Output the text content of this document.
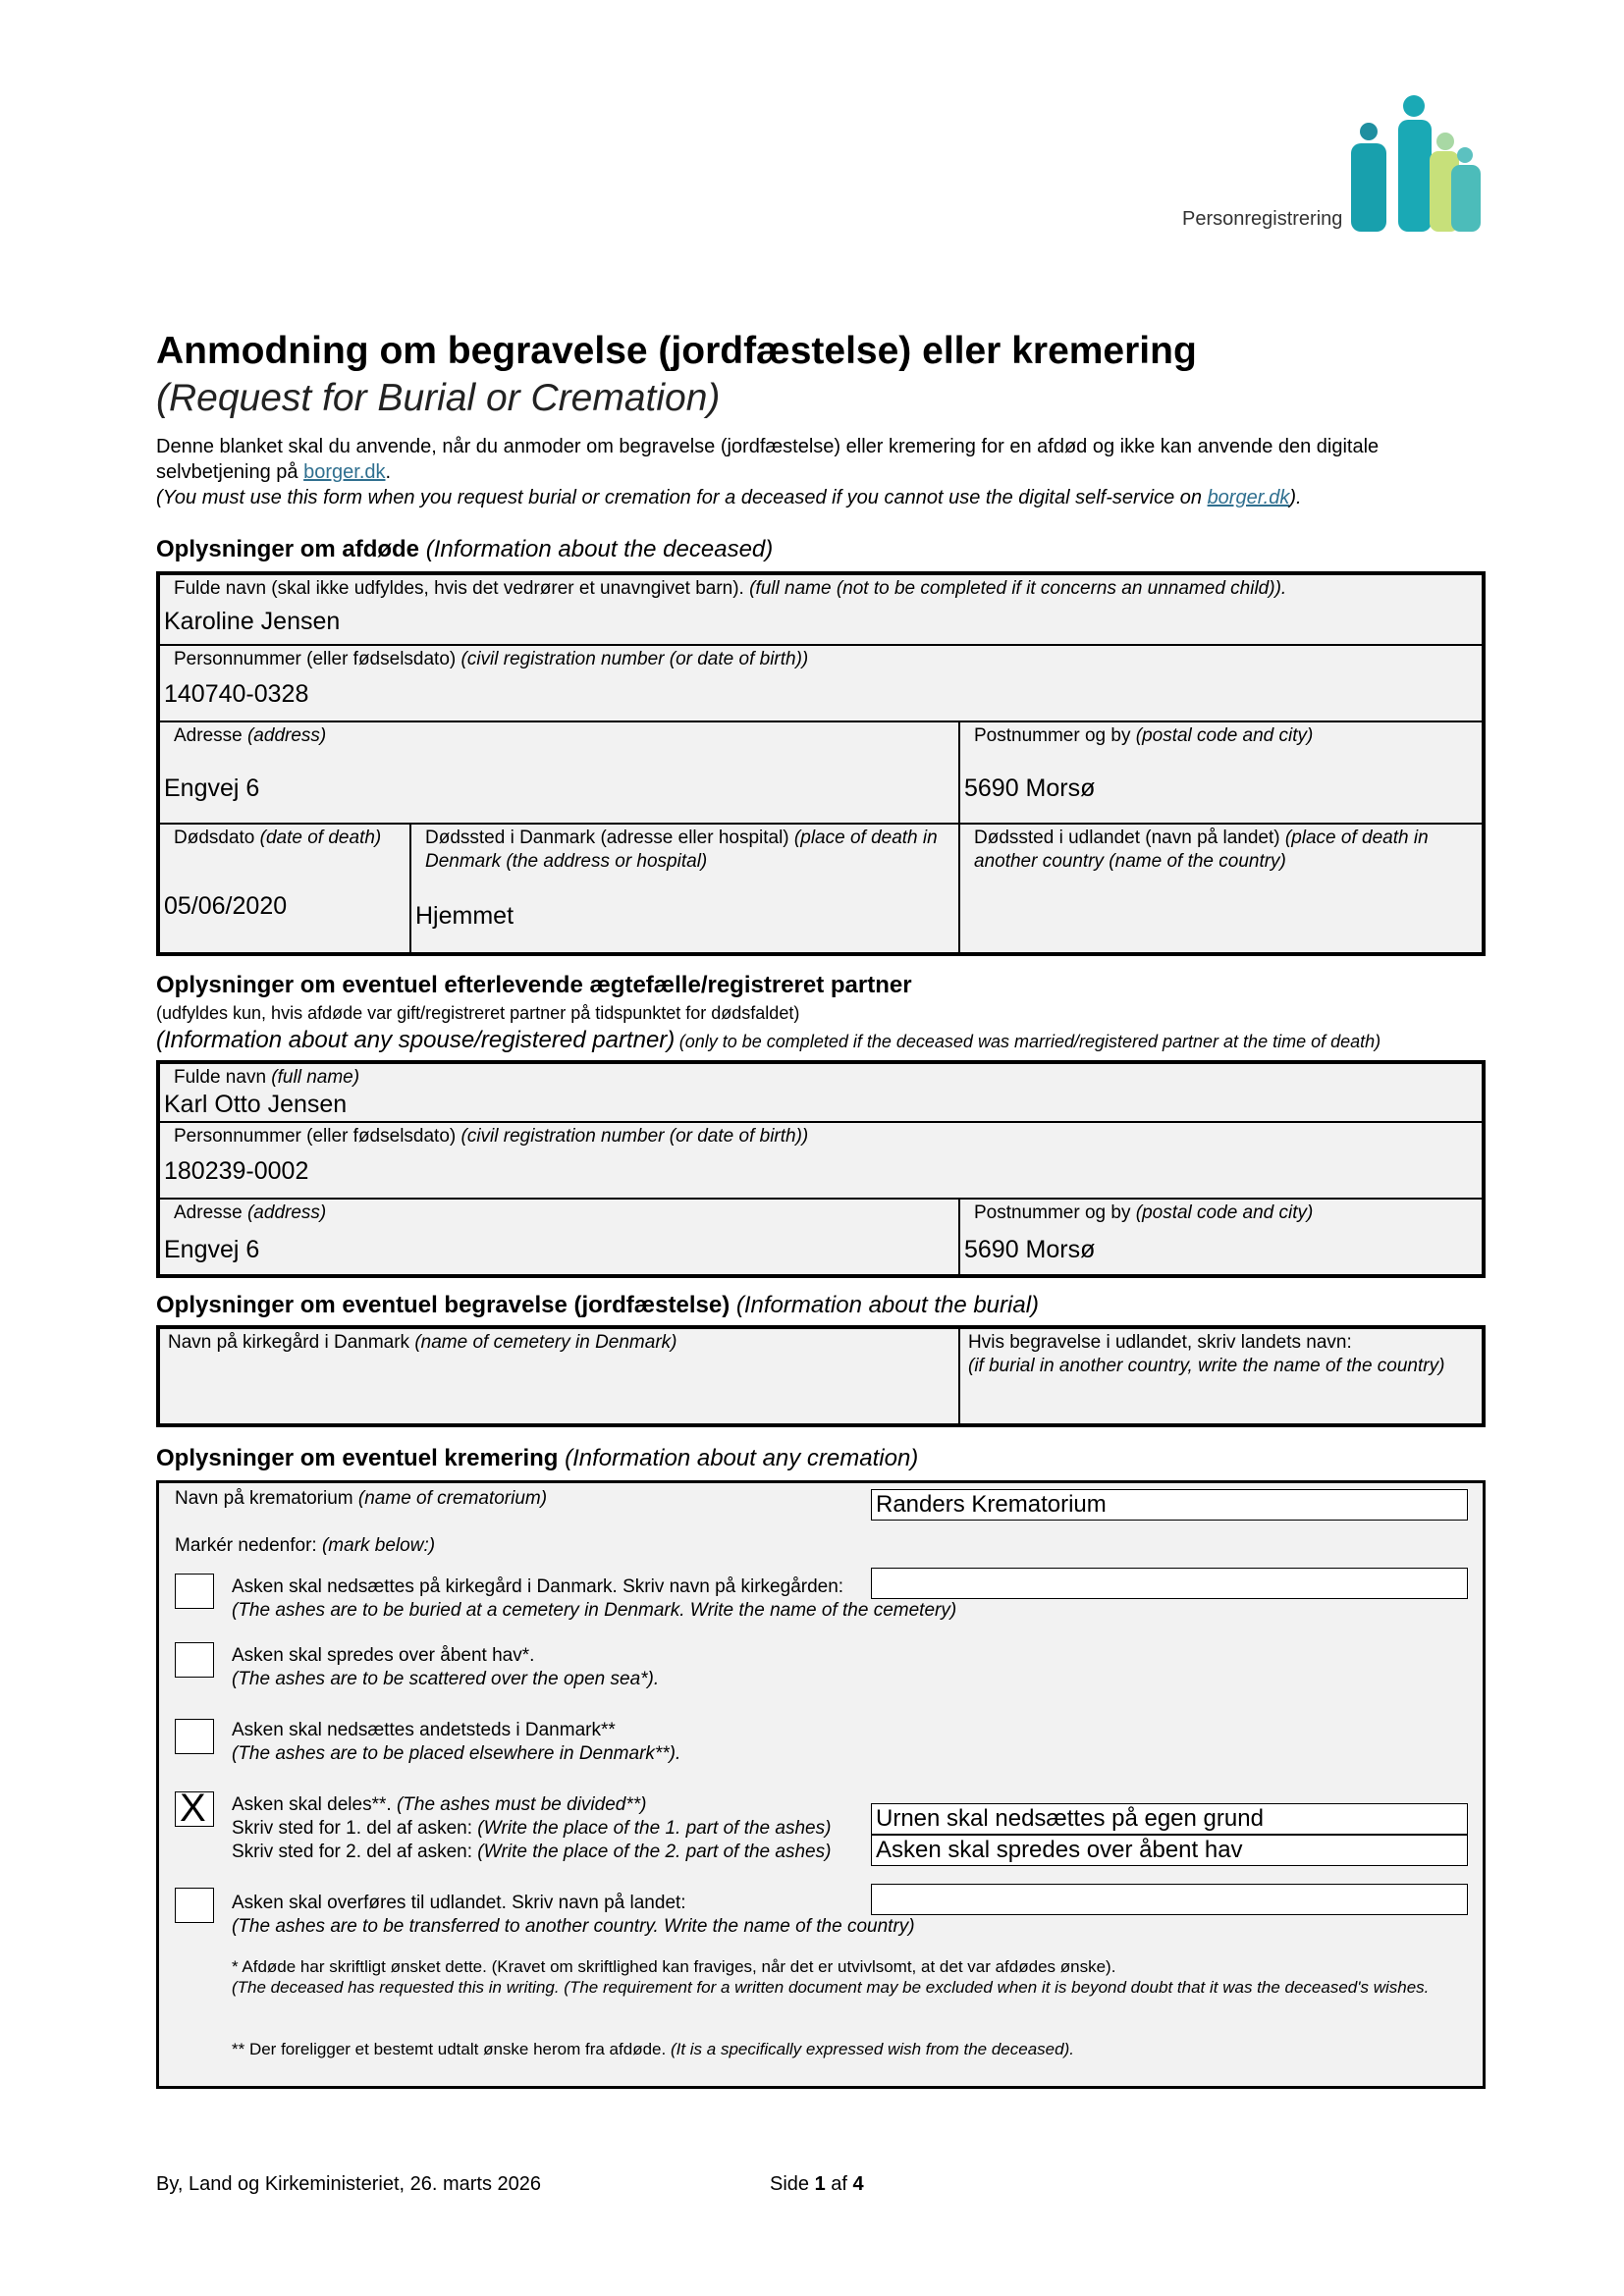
Personregistrering
Anmodning om begravelse (jordfæstelse) eller kremering
(Request for Burial or Cremation)
Denne blanket skal du anvende, når du anmoder om begravelse (jordfæstelse) eller kremering for en afdød og ikke kan anvende den digitale selvbetjening på borger.dk.
(You must use this form when you request burial or cremation for a deceased if you cannot use the digital self-service on borger.dk).
Oplysninger om afdøde (Information about the deceased)
Fulde navn (skal ikke udfyldes, hvis det vedrører et unavngivet barn). (full name (not to be completed if it concerns an unnamed child)).
Karoline Jensen
Personnummer (eller fødselsdato) (civil registration number (or date of birth))
140740-0328
Adresse (address)
Engvej 6
Postnummer og by (postal code and city)
5690 Morsø
Dødsdato (date of death)
05/06/2020
Dødssted i Danmark (adresse eller hospital) (place of death in Denmark (the address or hospital)
Hjemmet
Dødssted i udlandet (navn på landet) (place of death in another country (name of the country)
Oplysninger om eventuel efterlevende ægtefælle/registreret partner
(udfyldes kun, hvis afdøde var gift/registreret partner på tidspunktet for dødsfaldet)
(Information about any spouse/registered partner) (only to be completed if the deceased was married/registered partner at the time of death)
Fulde navn (full name)
Karl Otto Jensen
Personnummer (eller fødselsdato) (civil registration number (or date of birth))
180239-0002
Adresse (address)
Engvej 6
Postnummer og by (postal code and city)
5690 Morsø
Oplysninger om eventuel begravelse (jordfæstelse) (Information about the burial)
Navn på kirkegård i Danmark (name of cemetery in Denmark)	Hvis begravelse i udlandet, skriv landets navn:
(if burial in another country, write the name of the country)
Oplysninger om eventuel kremering (Information about any cremation)
Navn på krematorium (name of crematorium)	Randers Krematorium
Markér nedenfor: (mark below:)
Asken skal nedsættes på kirkegård i Danmark. Skriv navn på kirkegården:
(The ashes are to be buried at a cemetery in Denmark. Write the name of the cemetery)
Asken skal spredes over åbent hav*.
(The ashes are to be scattered over the open sea*).
Asken skal nedsættes andetsteds i Danmark**
(The ashes are to be placed elsewhere in Denmark**).
X Asken skal deles**. (The ashes must be divided**)
Skriv sted for 1. del af asken: (Write the place of the 1. part of the ashes)
Skriv sted for 2. del af asken: (Write the place of the 2. part of the ashes)
Urnen skal nedsættes på egen grund
Asken skal spredes over åbent hav
Asken skal overføres til udlandet. Skriv navn på landet:
(The ashes are to be transferred to another country. Write the name of the country)
* Afdøde har skriftligt ønsket dette. (Kravet om skriftlighed kan fraviges, når det er utvivlsomt, at det var afdødes ønske).
(The deceased has requested this in writing. (The requirement for a written document may be excluded when it is beyond doubt that it was the deceased's wishes.
** Der foreligger et bestemt udtalt ønske herom fra afdøde. (It is a specifically expressed wish from the deceased).
By, Land og Kirkeministeriet, 26. marts 2026	Side 1 af 4
